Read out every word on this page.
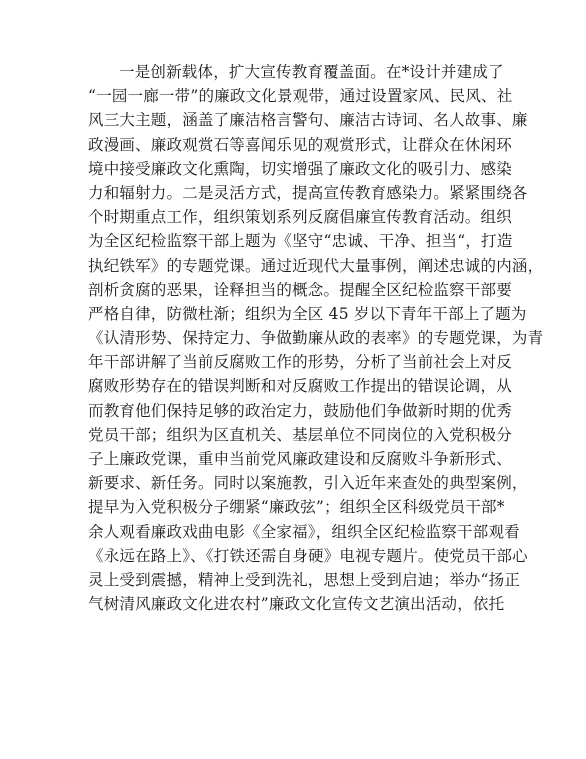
一是创新载体，扩大宣传教育覆盖面。在*设计并建成了
“一园一廊一带”的廉政文化景观带，通过设置家风、民风、社
风三大主题，涵盖了廉洁格言警句、廉洁古诗词、名人故事、廉
政漫画、廉政观赏石等喜闻乐见的观赏形式，让群众在休闲环
境中接受廉政文化熏陶，切实增强了廉政文化的吸引力、感染
力和辐射力。二是灵活方式，提高宣传教育感染力。紧紧围绕各
个时期重点工作，组织策划系列反腐倡廉宣传教育活动。组织
为全区纪检监察干部上题为《坚守“忠诚、干净、担当“，打造
执纪铁军》的专题党课。通过近现代大量事例，阐述忠诚的内涵，
剖析贪腐的恶果，诠释担当的概念。提醒全区纪检监察干部要
严格自律，防微杜渐；组织为全区 45 岁以下青年干部上了题为
《认清形势、保持定力、争做勤廉从政的表率》的专题党课，为青
年干部讲解了当前反腐败工作的形势，分析了当前社会上对反
腐败形势存在的错误判断和对反腐败工作提出的错误论调，从
而教育他们保持足够的政治定力，鼓励他们争做新时期的优秀
党员干部；组织为区直机关、基层单位不同岗位的入党积极分
子上廉政党课，重申当前党风廉政建设和反腐败斗争新形式、
新要求、新任务。同时以案施教，引入近年来查处的典型案例，
提早为入党积极分子绷紧“廉政弦”；组织全区科级党员干部*
余人观看廉政戏曲电影《全家福》，组织全区纪检监察干部观看
《永远在路上》、《打铁还需自身硬》电视专题片。使党员干部心
灵上受到震撼，精神上受到洗礼，思想上受到启迪；举办“扬正
气树清风廉政文化进农村”廉政文化宣传文艺演出活动，依托
